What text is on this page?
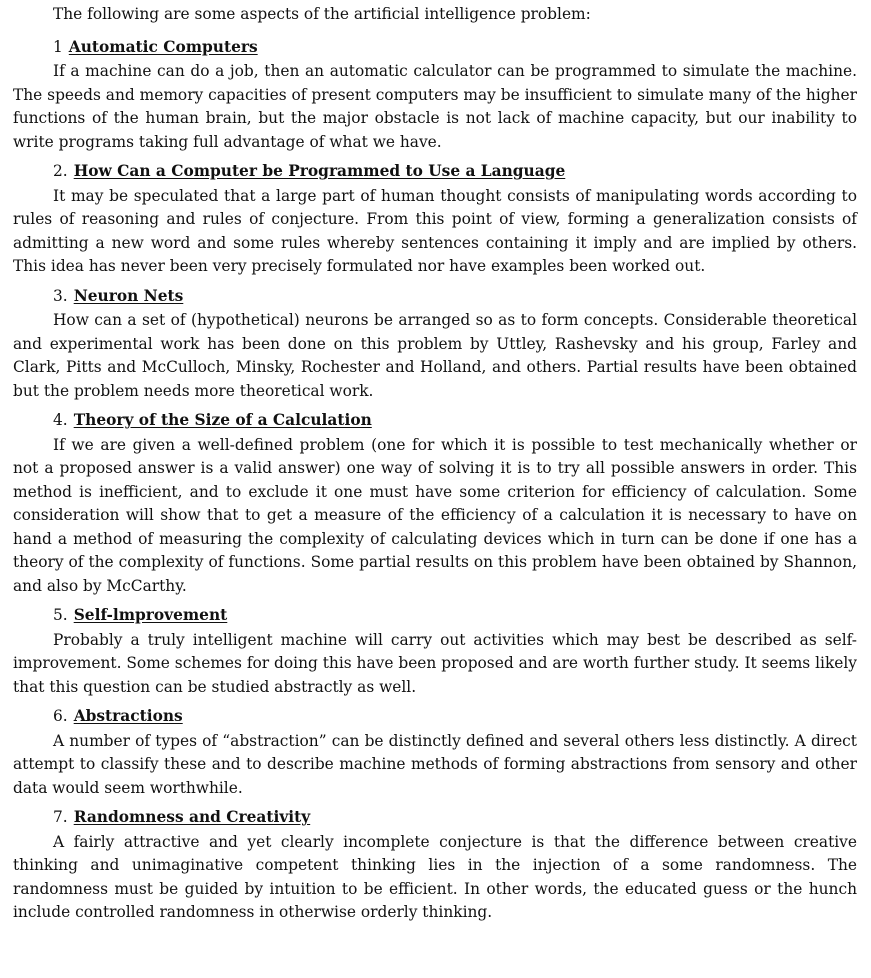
The following are some aspects of the artificial intelligence problem:

1 Automatic Computers

If a machine can do a job, then an automatic calculator can be programmed to simulate the machine. The speeds and memory capacities of present computers may be insufficient to simulate many of the higher functions of the human brain, but the major obstacle is not lack of machine capacity, but our inability to write programs taking full advantage of what we have.

2. How Can a Computer be Programmed to Use a Language

It may be speculated that a large part of human thought consists of manipulating words according to rules of reasoning and rules of conjecture. From this point of view, forming a generalization consists of admitting a new word and some rules whereby sentences containing it imply and are implied by others. This idea has never been very precisely formulated nor have examples been worked out.

3. Neuron Nets

How can a set of (hypothetical) neurons be arranged so as to form concepts. Considerable theoretical and experimental work has been done on this problem by Uttley, Rashevsky and his group, Farley and Clark, Pitts and McCulloch, Minsky, Rochester and Holland, and others. Partial results have been obtained but the problem needs more theoretical work.

4. Theory of the Size of a Calculation

If we are given a well-defined problem (one for which it is possible to test mechanically whether or not a proposed answer is a valid answer) one way of solving it is to try all possible answers in order. This method is inefficient, and to exclude it one must have some criterion for efficiency of calculation. Some consideration will show that to get a measure of the efficiency of a calculation it is necessary to have on hand a method of measuring the complexity of calculating devices which in turn can be done if one has a theory of the complexity of functions. Some partial results on this problem have been obtained by Shannon, and also by McCarthy.

5. Self-lmprovement

Probably a truly intelligent machine will carry out activities which may best be described as self-improvement. Some schemes for doing this have been proposed and are worth further study. It seems likely that this question can be studied abstractly as well.

6. Abstractions

A number of types of “abstraction” can be distinctly defined and several others less distinctly. A direct attempt to classify these and to describe machine methods of forming abstractions from sensory and other data would seem worthwhile.

7. Randomness and Creativity

A fairly attractive and yet clearly incomplete conjecture is that the difference between creative thinking and unimaginative competent thinking lies in the injection of a some randomness. The randomness must be guided by intuition to be efficient. In other words, the educated guess or the hunch include controlled randomness in otherwise orderly thinking.
